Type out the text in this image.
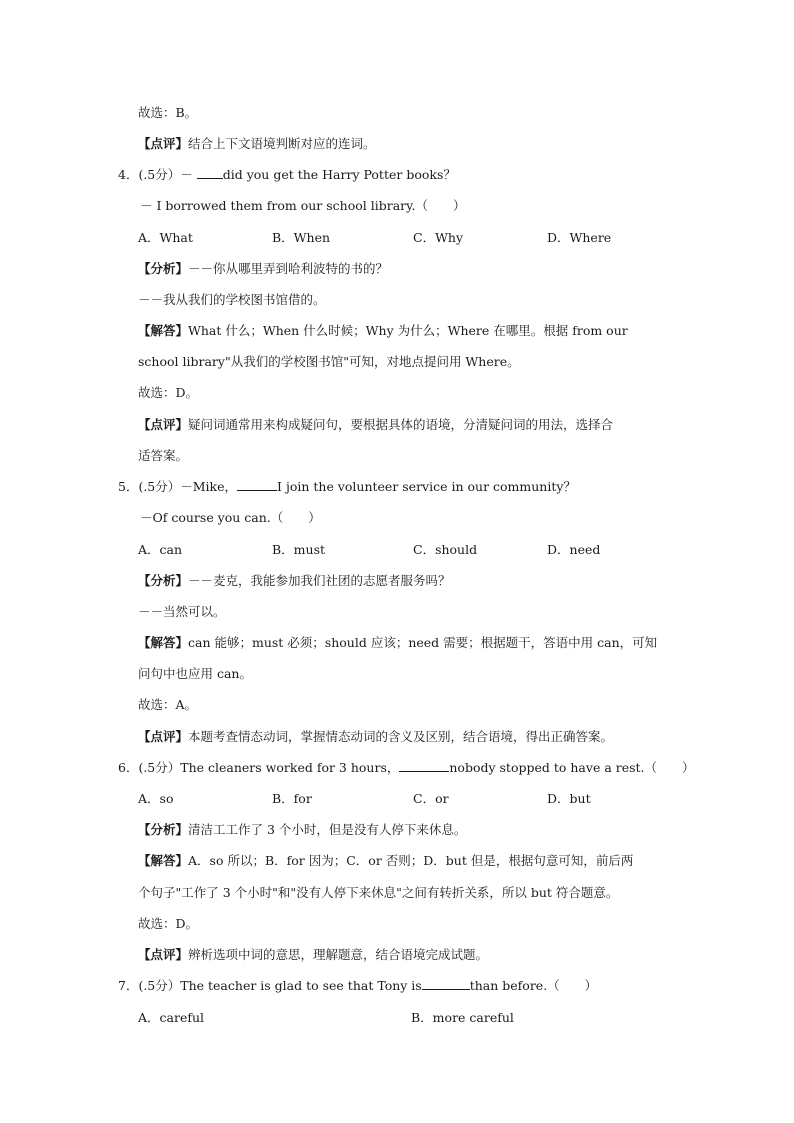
故选：B。
【点评】结合上下文语境判断对应的连词。
4．(.5分）－ did you get the Harry Potter books？
－ I borrowed them from our school library.（　　）
A．What	B．When	C．Why	D．Where
【分析】－－你从哪里弄到哈利波特的书的？
－－我从我们的学校图书馆借的。
【解答】What 什么；When 什么时候；Why 为什么；Where 在哪里。根据 from our
school library"从我们的学校图书馆"可知，对地点提问用 Where。
故选：D。
【点评】疑问词通常用来构成疑问句，要根据具体的语境，分清疑问词的用法，选择合
适答案。
5．(.5分）－Mike，	I join the volunteer service in our community？
－Of course you can.（　　）
A．can	B．must	C．should	D．need
【分析】－－麦克，我能参加我们社团的志愿者服务吗？
－－当然可以。
【解答】can 能够；must 必须；should 应该；need 需要；根据题干，答语中用 can，可知
问句中也应用 can。
故选：A。
【点评】本题考查情态动词，掌握情态动词的含义及区别，结合语境，得出正确答案。
6．(.5分）The cleaners worked for 3 hours，	nobody stopped to have a rest.（　　）
A．so	B．for	C．or	D．but
【分析】清洁工工作了 3 个小时，但是没有人停下来休息。
【解答】A．so 所以；B．for 因为；C．or 否则；D．but 但是，根据句意可知，前后两
个句子"工作了 3 个小时"和"没有人停下来休息"之间有转折关系，所以 but 符合题意。
故选：D。
【点评】辨析选项中词的意思，理解题意，结合语境完成试题。
7．(.5分）The teacher is glad to see that Tony is	than before.（　　）
A．careful	B．more careful
